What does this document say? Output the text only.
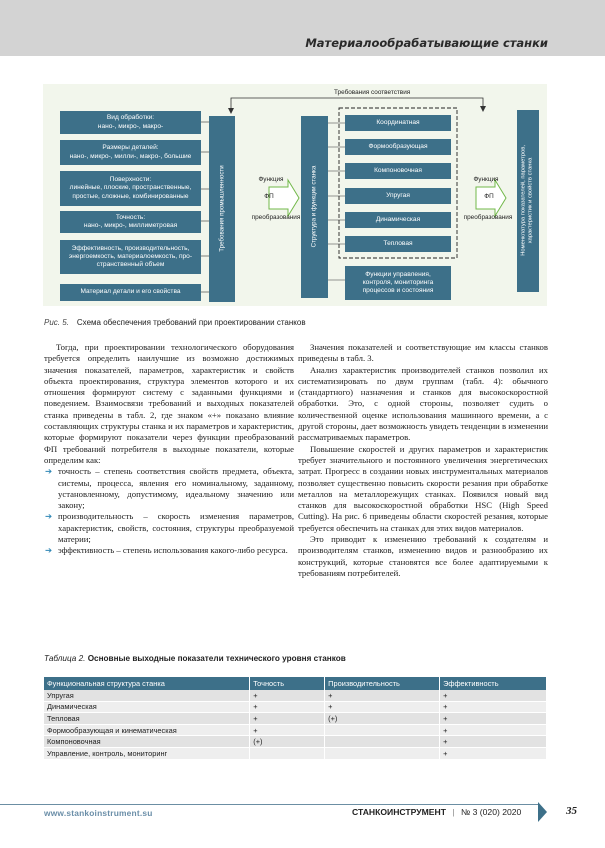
Материалообрабатывающие станки
Требования соответствия
Вид обработки:
нано-, микро-, макро-
Размеры деталей:
нано-, микро-, милли-, макро-, большие
Поверхности:
линейные, плоские, пространственные,
простые, сложные, комбинированные
Точность:
нано-, микро-, миллиметровая
Эффективность, производительность,
энергоемкость, материалоемкость, про-
странственный объем
Материал детали и его свойства
Требования промышленности	Функция
ФП
преобразования	Структура и функции станка
Координатная
Формообразующая
Компоновочная
Упругая
Динамическая
Тепловая
Функции управления,
контроля, мониторинга
процессов и состояния
Функция
ФП
преобразования	Номенклатура показателей, параметров,
характеристик и свойств станка
Рис. 5. Схема обеспечения требований при проектировании станков

Тогда, при проектировании технологического оборудования требуется определить наилучшие из возможно достижимых значения показателей, параметров, характеристик и свойств объекта проектирования, структура элементов которого и их отношения формируют систему с заданными функциями и поведением. Взаимосвязи требований и выходных показателей станка приведены в табл. 2, где знаком «+» показано влияние составляющих структуры станка и их параметров и характеристик, которые формируют показатели через функции преобразований ФП требований потребителя в выходные показатели, которые определим как:

➔ точность – степень соответствия свойств предмета, объекта, системы, процесса, явления его номинальному, заданному, установленному, допустимому, идеальному значению или закону;
➔ производительность – скорость изменения параметров, характеристик, свойств, состояния, структуры преобразуемой материи;
➔ эффективность – степень использования какого-либо ресурса.

Значения показателей и соответствующие им классы станков приведены в табл. 3.

Анализ характеристик производителей станков позволил их систематизировать по двум группам (табл. 4): обычного (стандартного) назначения и станков для высокоскоростной обработки. Это, с одной стороны, позволяет судить о количественной оценке использования машинного времени, а с другой стороны, дает возможность увидеть тенденции в изменении рассматриваемых параметров.

Повышение скоростей и других параметров и характеристик требует значительного и постоянного увеличения энергетических затрат. Прогресс в создании новых инструментальных материалов позволяет существенно повысить скорости резания при обработке металлов на металлорежущих станках. Появился новый вид станков для высокоскоростной обработки HSC (High Speed Cutting). На рис. 6 приведены области скоростей резания, которые требуется обеспечить на станках для этих видов материалов.

Это приводит к изменению требований к создателям и производителям станков, изменению видов и разнообразию их конструкций, которые становятся все более адаптируемыми к требованиям потребителей.

Таблица 2. Основные выходные показатели технического уровня станков
Функциональная структура станка	Точность	Производительность	Эффективность
Упругая	+	+	+
Динамическая	+	+	+
Тепловая	+	(+)	+
Формообразующая и кинематическая	+		+
Компоновочная	(+)		+
Управление, контроль, мониторинг			+
www.stankoinstrument.su	СТАНКОИНСТРУМЕНТ | № 3 (020) 2020	35
